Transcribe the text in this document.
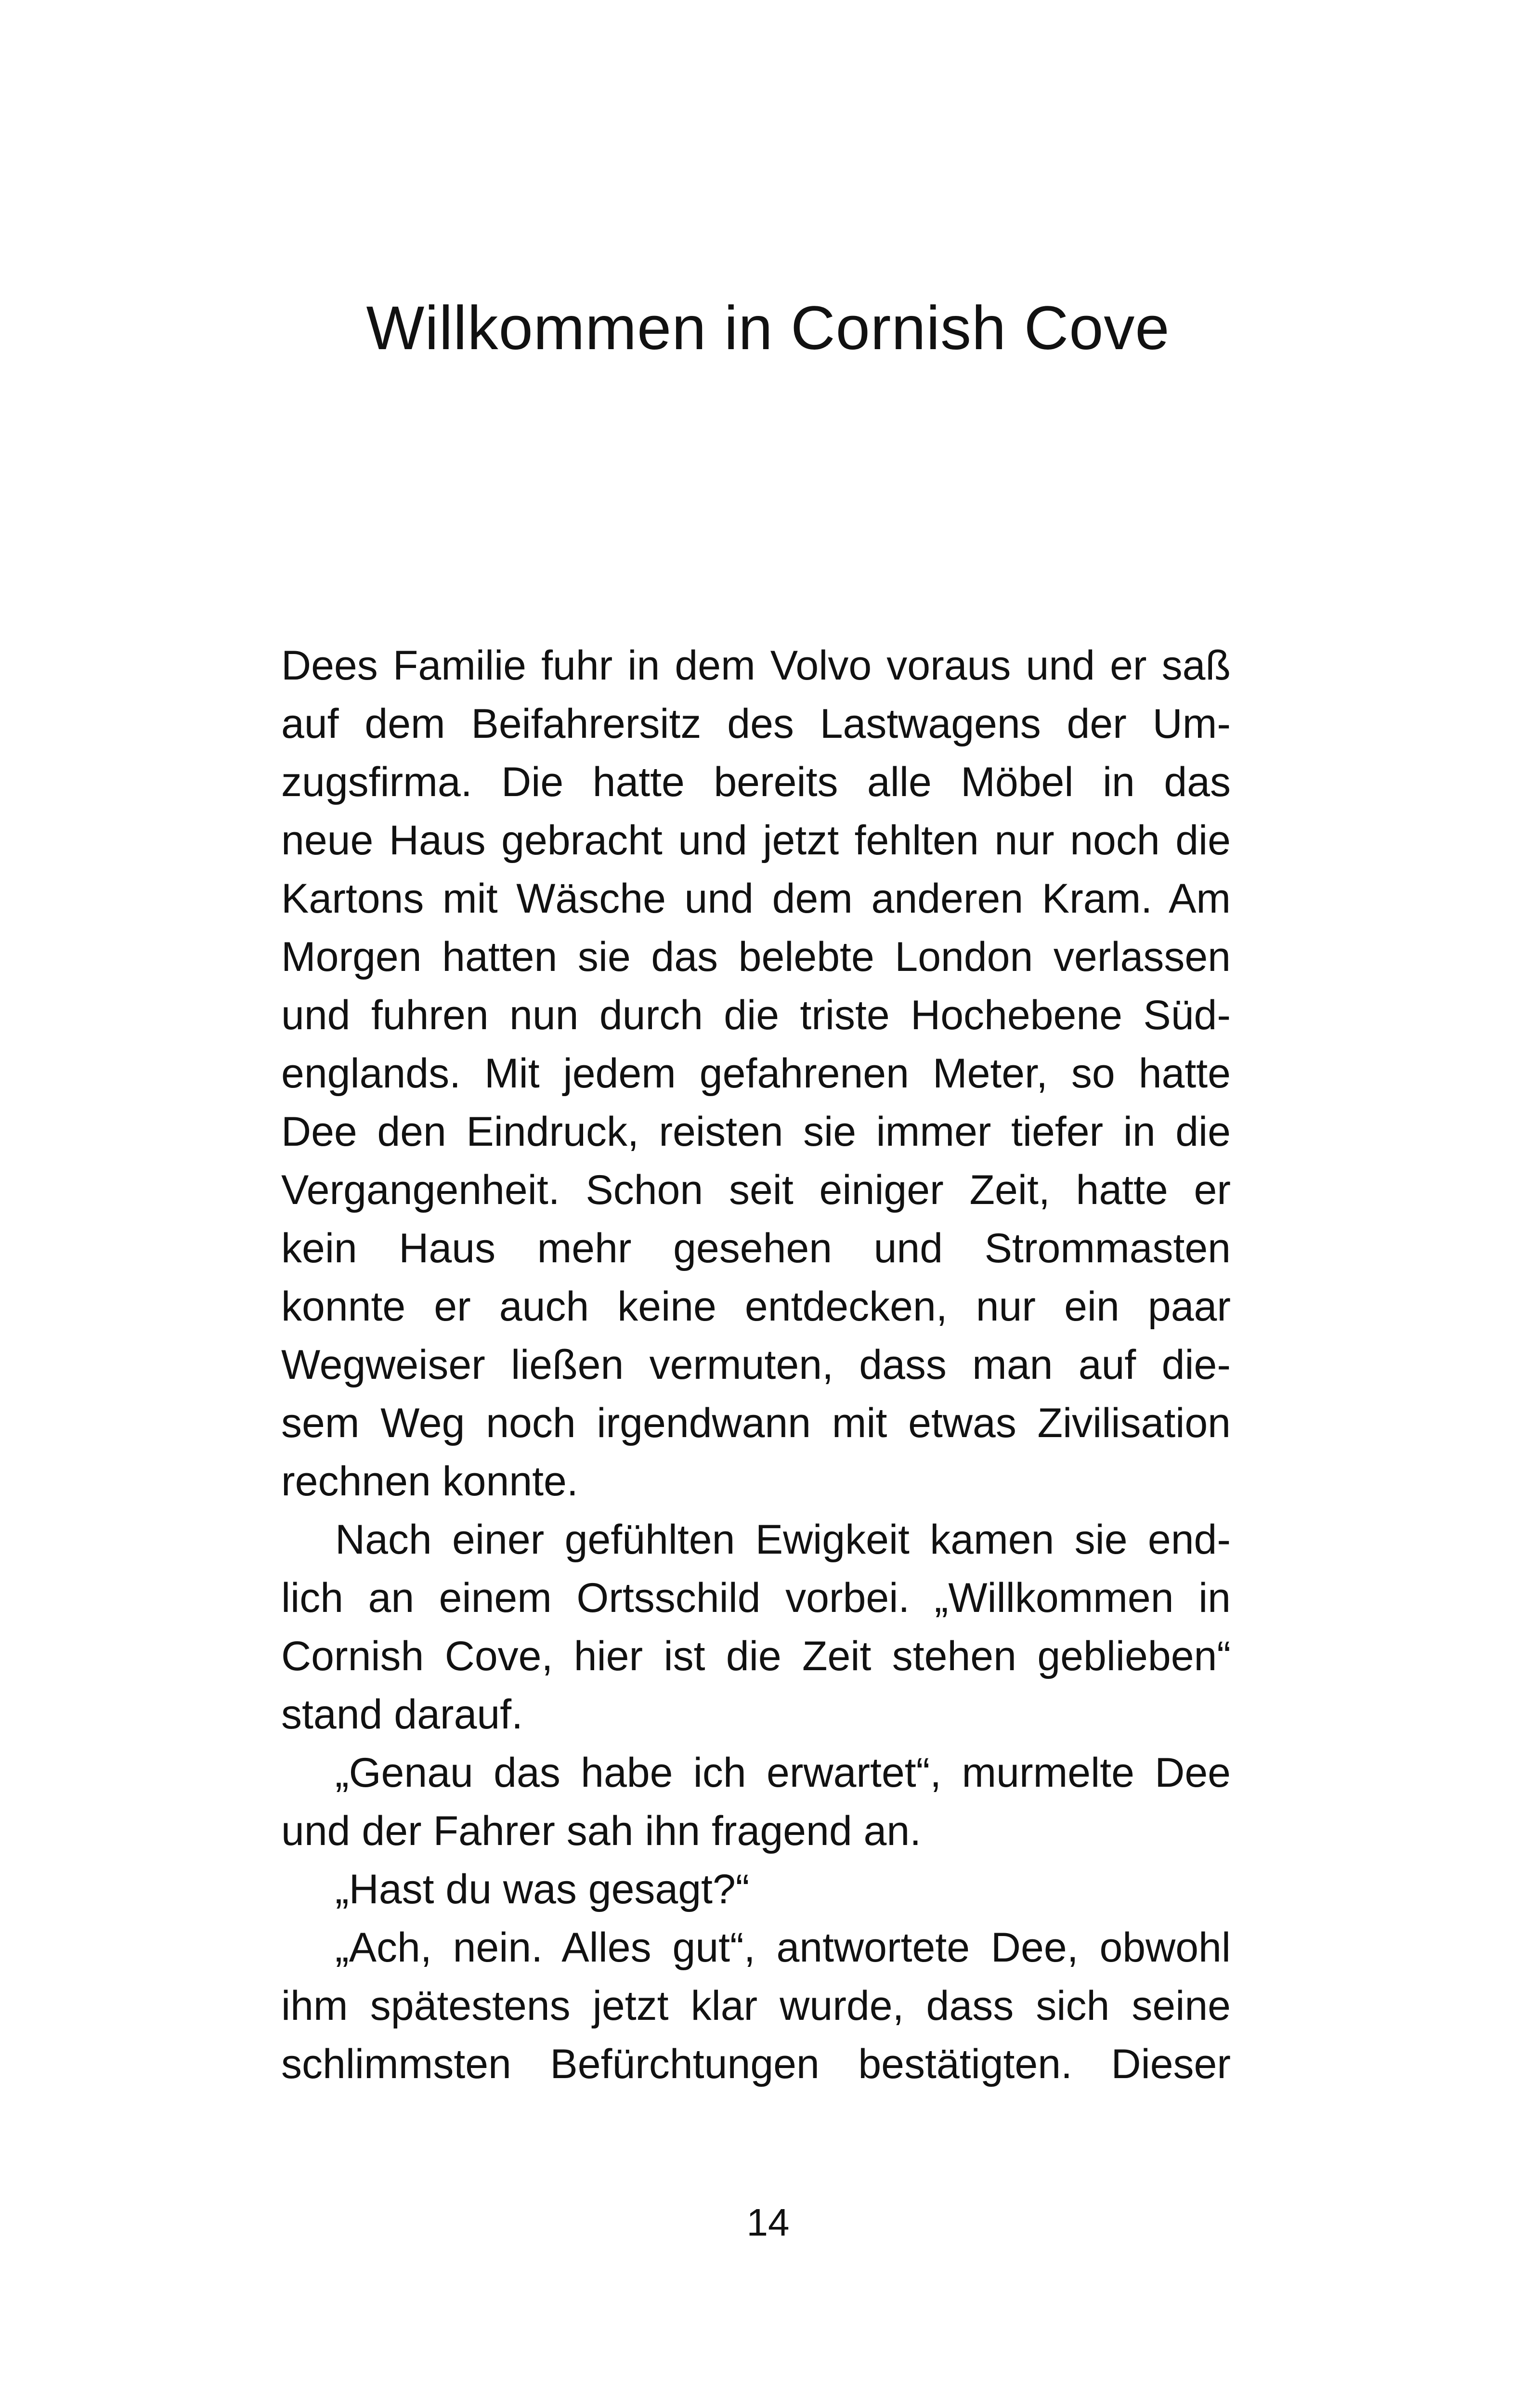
Willkommen in Cornish Cove
Dees Familie fuhr in dem Volvo voraus und er saß
auf dem Beifahrersitz des Lastwagens der Um-
zugsfirma. Die hatte bereits alle Möbel in das
neue Haus gebracht und jetzt fehlten nur noch die
Kartons mit Wäsche und dem anderen Kram. Am
Morgen hatten sie das belebte London verlassen
und fuhren nun durch die triste Hochebene Süd-
englands. Mit jedem gefahrenen Meter, so hatte
Dee den Eindruck, reisten sie immer tiefer in die
Vergangenheit. Schon seit einiger Zeit, hatte er
kein Haus mehr gesehen und Strommasten
konnte er auch keine entdecken, nur ein paar
Wegweiser ließen vermuten, dass man auf die-
sem Weg noch irgendwann mit etwas Zivilisation
rechnen konnte.
Nach einer gefühlten Ewigkeit kamen sie end-
lich an einem Ortsschild vorbei. „Willkommen in
Cornish Cove, hier ist die Zeit stehen geblieben“
stand darauf.
„Genau das habe ich erwartet“, murmelte Dee
und der Fahrer sah ihn fragend an.
„Hast du was gesagt?“
„Ach, nein. Alles gut“, antwortete Dee, obwohl
ihm spätestens jetzt klar wurde, dass sich seine
schlimmsten Befürchtungen bestätigten. Dieser
14
